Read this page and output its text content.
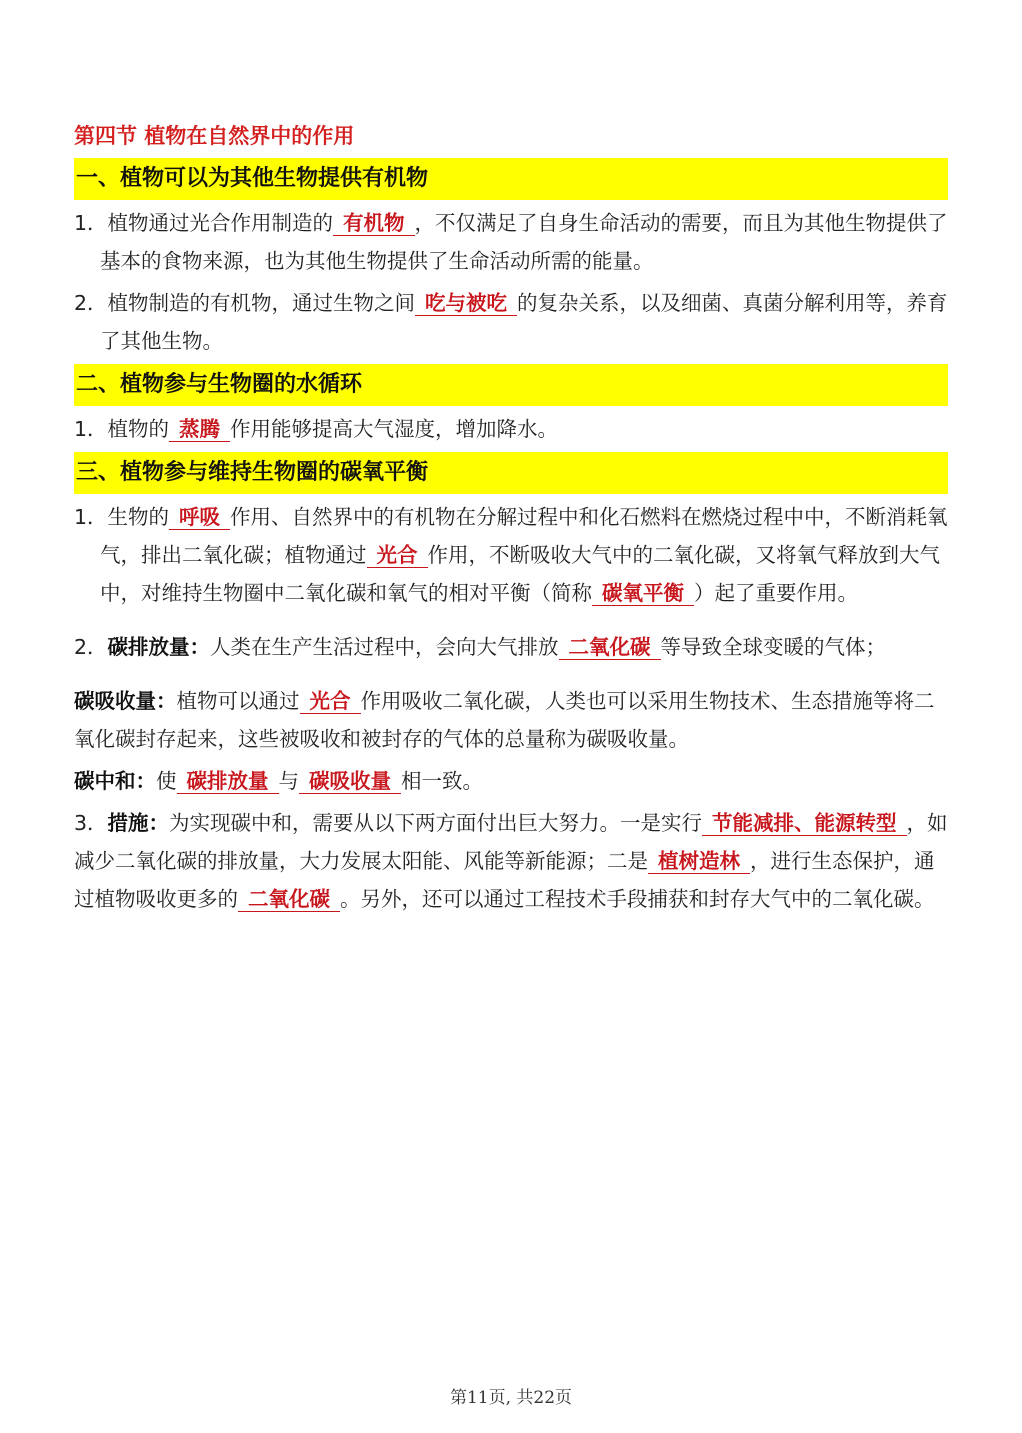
第四节 植物在自然界中的作用
一、植物可以为其他生物提供有机物
1．植物通过光合作用制造的 有机物 ，不仅满足了自身生命活动的需要，而且为其他生物提供了基本的食物来源，也为其他生物提供了生命活动所需的能量。
2．植物制造的有机物，通过生物之间 吃与被吃 的复杂关系，以及细菌、真菌分解利用等，养育了其他生物。
二、植物参与生物圈的水循环
1．植物的 蒸腾 作用能够提高大气湿度，增加降水。
三、植物参与维持生物圈的碳氧平衡
1．生物的 呼吸 作用、自然界中的有机物在分解过程中和化石燃料在燃烧过程中中，不断消耗氧气，排出二氧化碳；植物通过 光合 作用，不断吸收大气中的二氧化碳，又将氧气释放到大气中，对维持生物圈中二氧化碳和氧气的相对平衡（简称 碳氧平衡 ）起了重要作用。
2．碳排放量：人类在生产生活过程中，会向大气排放 二氧化碳 等导致全球变暖的气体；
碳吸收量：植物可以通过 光合 作用吸收二氧化碳，人类也可以采用生物技术、生态措施等将二氧化碳封存起来，这些被吸收和被封存的气体的总量称为碳吸收量。
碳中和：使 碳排放量 与 碳吸收量 相一致。
3．措施：为实现碳中和，需要从以下两方面付出巨大努力。一是实行 节能减排、能源转型 ，如减少二氧化碳的排放量，大力发展太阳能、风能等新能源；二是 植树造林 ，进行生态保护，通过植物吸收更多的 二氧化碳 。另外，还可以通过工程技术手段捕获和封存大气中的二氧化碳。
第11页, 共22页
